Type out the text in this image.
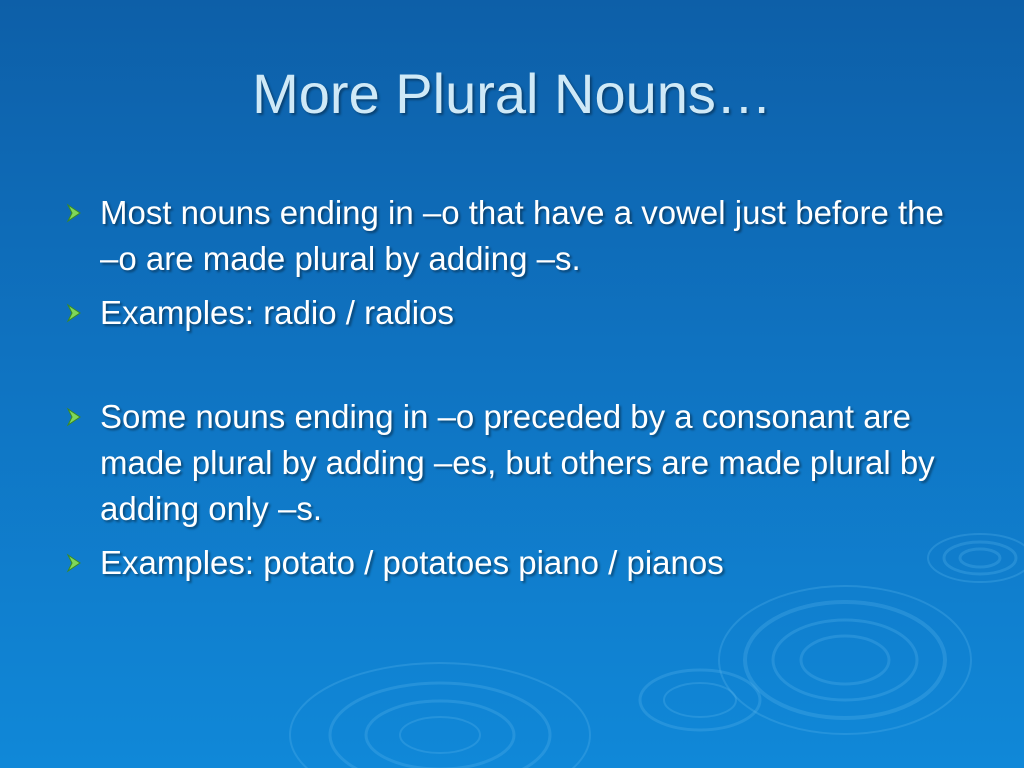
More Plural Nouns…
Most nouns ending in –o that have a vowel just before the –o are made plural by adding –s.
Examples: radio / radios
Some nouns ending in –o preceded by a consonant are made plural by adding –es, but others are made plural by adding only –s.
Examples: potato / potatoes piano / pianos
